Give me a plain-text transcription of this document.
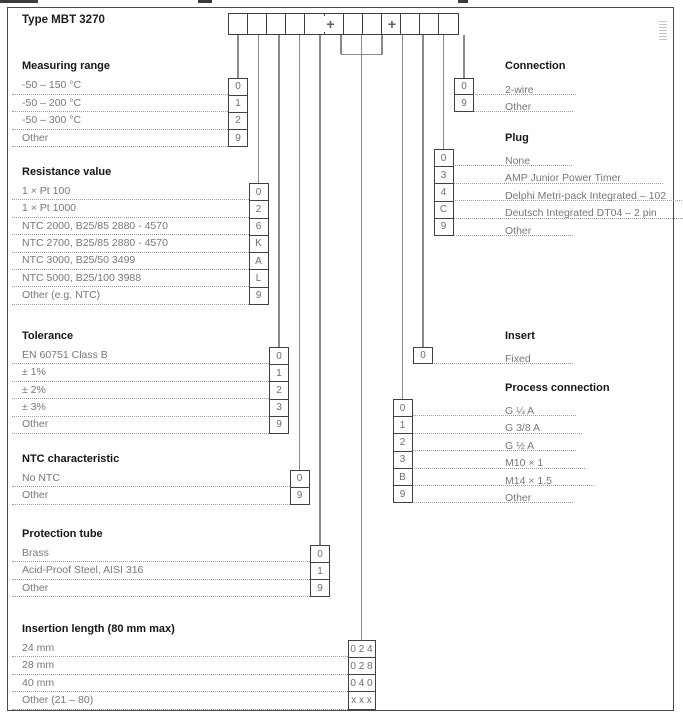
Type MBT 3270	+	+
Measuring range
-50 – 150 °C
-50 – 200 °C
-50 – 300 °C
Other
0
1
2
9
Resistance value
1 × Pt 100
1 × Pt 1000
NTC 2000, B25/85 2880 - 4570
NTC 2700, B25/85 2880 - 4570
NTC 3000, B25/50 3499
NTC 5000, B25/100 3988
Other (e.g. NTC)
0
2
6
K
A
L
9
Tolerance
EN 60751 Class B
± 1%
± 2%
± 3%
Other
0
1
2
3
9
NTC characteristic
No NTC
Other
0
9
Protection tube
Brass
Acid-Proof Steel, AISI 316
Other
0
1
9
Insertion length (80 mm max)
24 mm
28 mm
40 mm
Other (21 – 80)
0 2 4
0 2 8
0 4 0
x x x
Connection
2-wire
Other
0
9
Plug
None
AMP Junior Power Timer
Delphi Metri-pack Integrated – 102
Deutsch Integrated DT04 – 2 pin
Other
0
3
4
C
9
Insert
Fixed
0
Process connection
G ¼ A
G 3/8 A
G ½ A
M10 × 1
M14 × 1.5
Other
0
1
2
3
B
9
